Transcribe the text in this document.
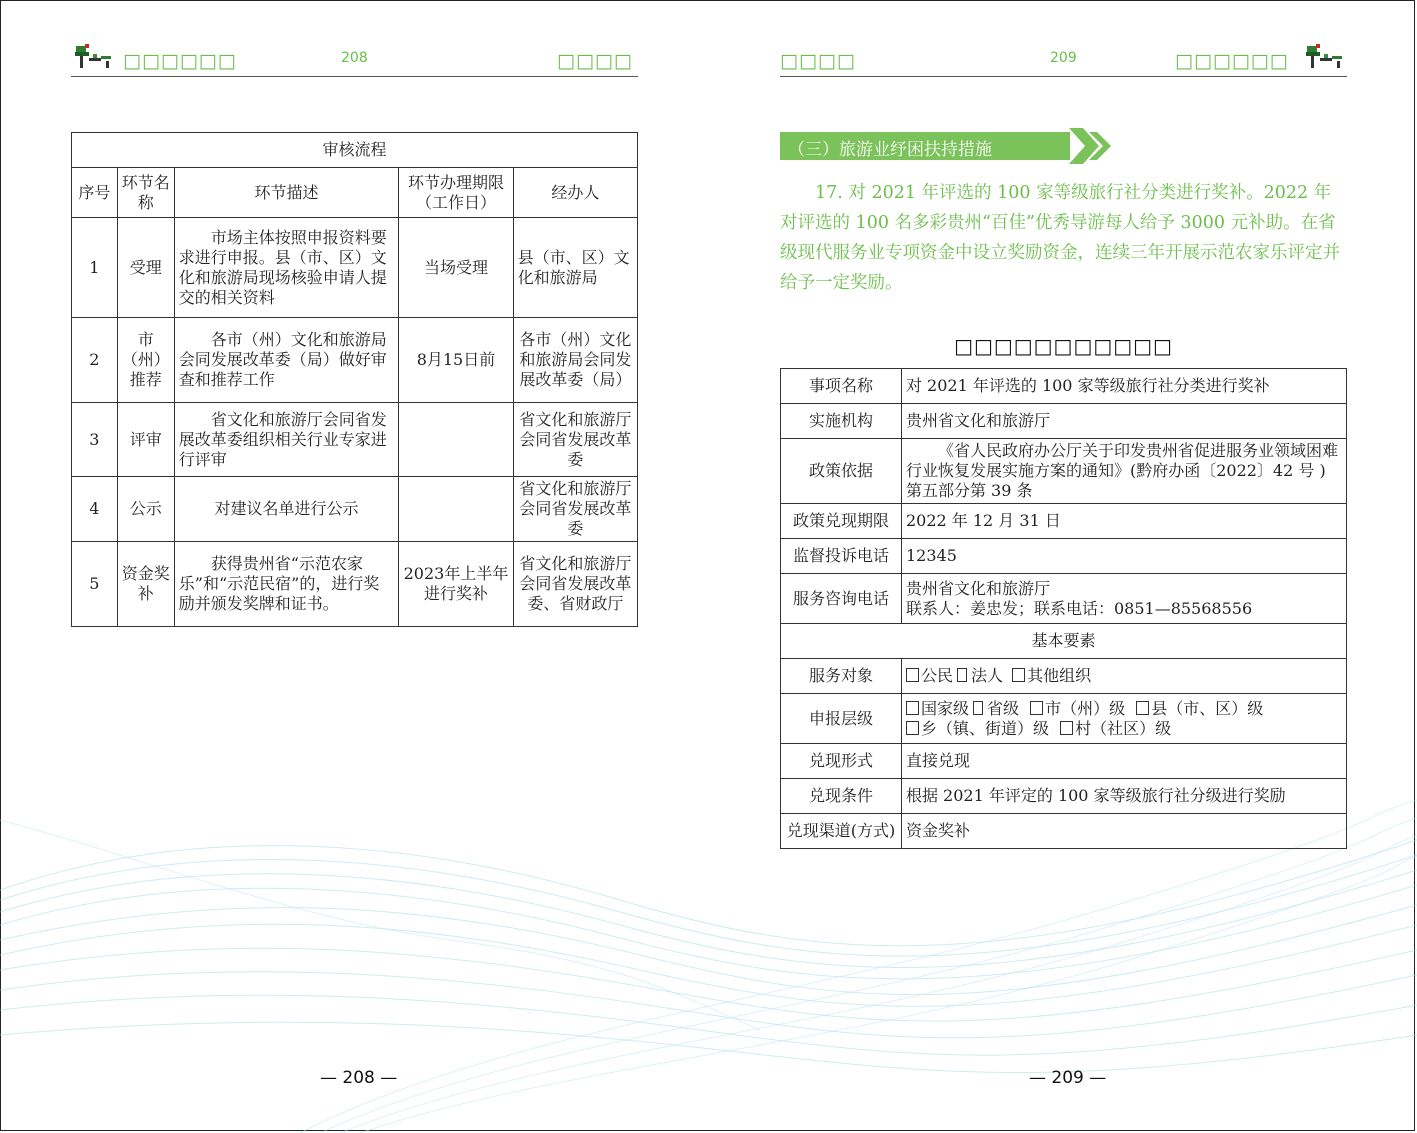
□□□□□□	208	□□□□
审核流程				
序号	环节名称	环节描述	环节办理期限（工作日）	经办人
1	受理	市场主体按照申报资料要求进行申报。县（市、区）文化和旅游局现场核验申请人提交的相关资料	当场受理	县（市、区）文化和旅游局
2	市（州）推荐	各市（州）文化和旅游局会同发展改革委（局）做好审查和推荐工作	8月15日前	各市（州）文化和旅游局会同发展改革委（局）
3	评审	省文化和旅游厅会同省发展改革委组织相关行业专家进行评审		省文化和旅游厅会同省发展改革委
4	公示	对建议名单进行公示		省文化和旅游厅会同省发展改革委
5	资金奖补	获得贵州省“示范农家乐”和“示范民宿”的，进行奖励并颁发奖牌和证书。	2023年上半年进行奖补	省文化和旅游厅会同省发展改革委、省财政厅
— 208 —
□□□□	209	□□□□□□
（三）旅游业纾困扶持措施

17. 对 2021 年评选的 100 家等级旅行社分类进行奖补。2022 年对评选的 100 名多彩贵州“百佳”优秀导游每人给予 3000 元补助。在省级现代服务业专项资金中设立奖励资金，连续三年开展示范农家乐评定并给予一定奖励。

□□□□□□□□□□□
事项名称	对 2021 年评选的 100 家等级旅行社分类进行奖补
实施机构	贵州省文化和旅游厅
政策依据	《省人民政府办公厅关于印发贵州省促进服务业领域困难行业恢复发展实施方案的通知》(黔府办函〔2022〕42 号 ) 第五部分第 39 条
政策兑现期限	2022 年 12 月 31 日
监督投诉电话	12345
服务咨询电话	贵州省文化和旅游厅
联系人：姜忠发；联系电话：0851—85568556

基本要素	
服务对象	公民 法人 其他组织
申报层级	国家级 省级 市（州）级 县（市、区）级
乡（镇、街道）级 村（社区）级

兑现形式	直接兑现
兑现条件	根据 2021 年评定的 100 家等级旅行社分级进行奖励
兑现渠道(方式)	资金奖补
— 209 —
